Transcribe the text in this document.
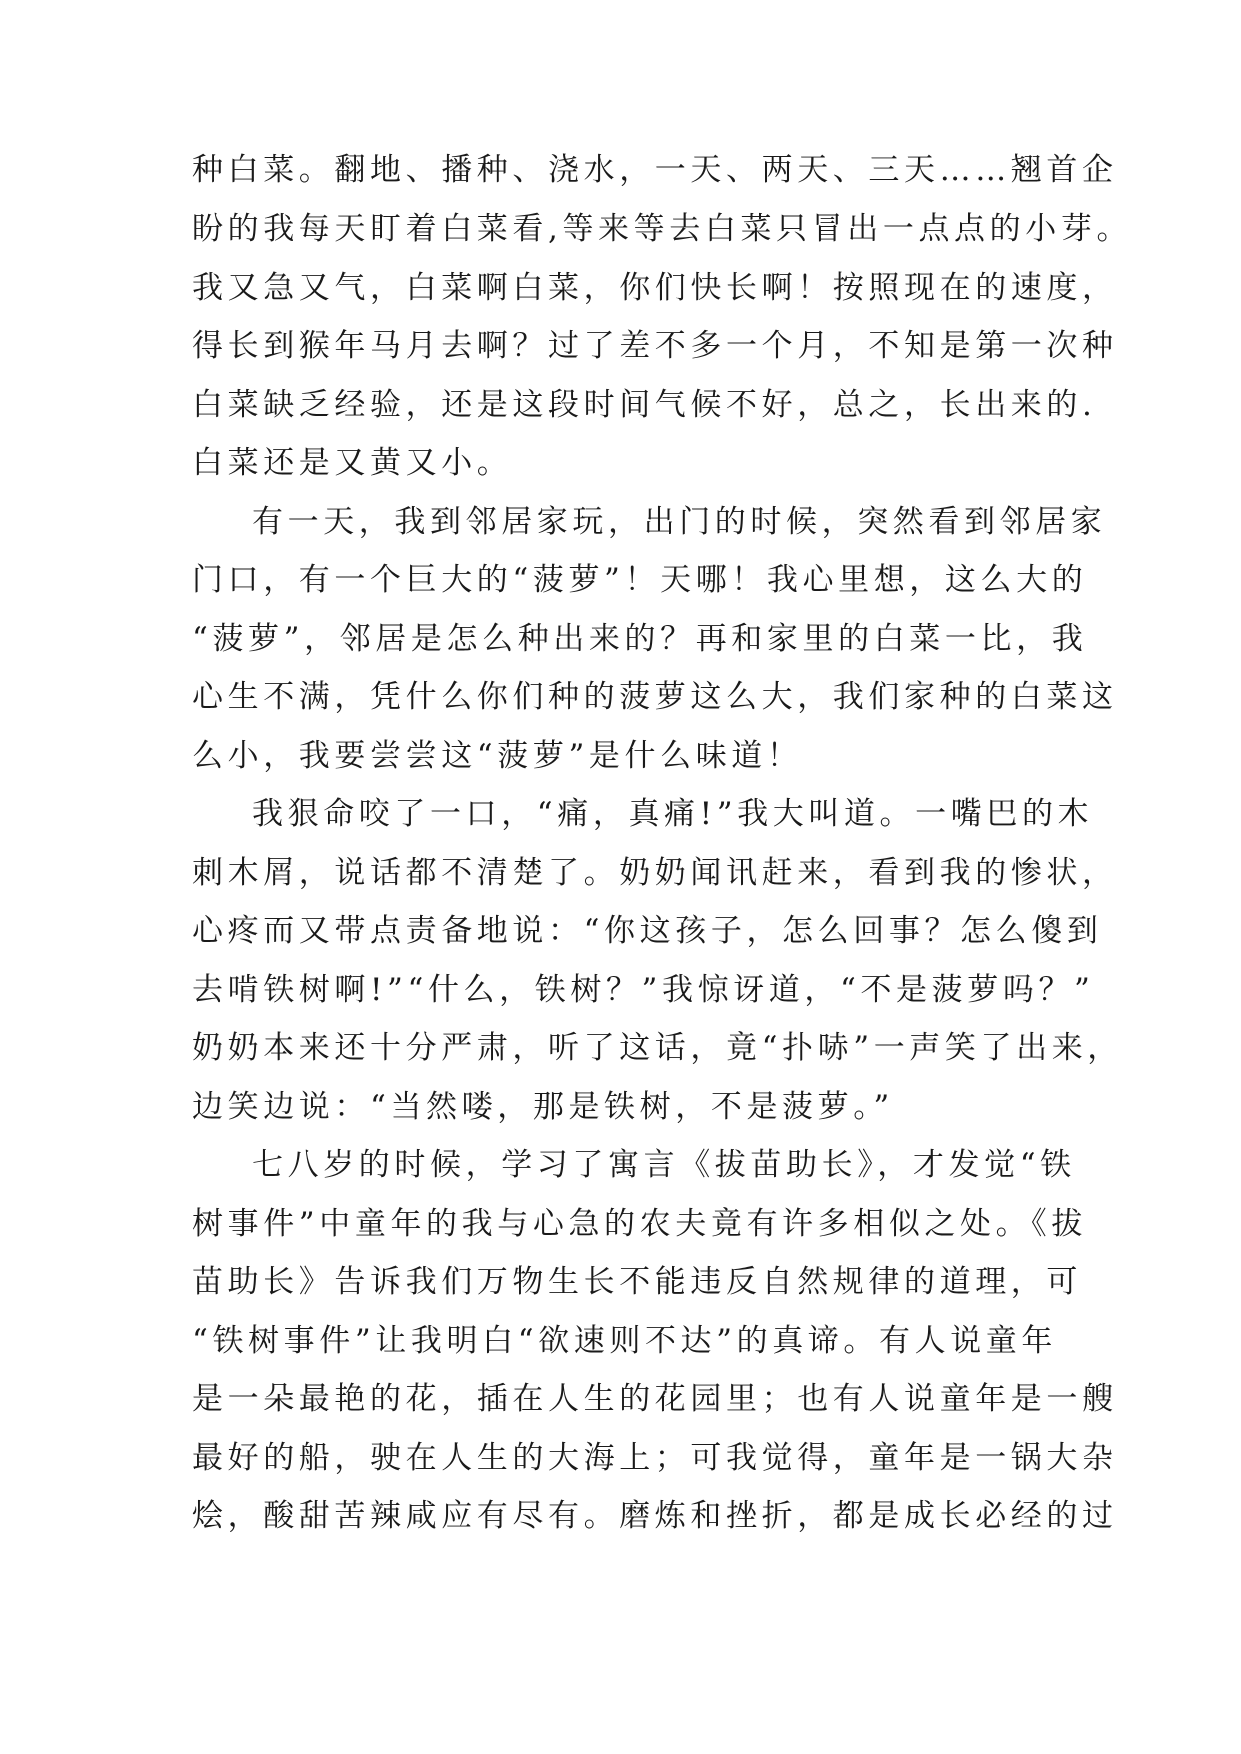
种白菜。翻地、播种、浇水，一天、两天、三天……翘首企
盼的我每天盯着白菜看,等来等去白菜只冒出一点点的小芽。
我又急又气，白菜啊白菜，你们快长啊！按照现在的速度，
得长到猴年马月去啊？过了差不多一个月，不知是第一次种
白菜缺乏经验，还是这段时间气候不好，总之，长出来的.
白菜还是又黄又小。
有一天，我到邻居家玩，出门的时候，突然看到邻居家
门口，有一个巨大的“菠萝”！天哪！我心里想，这么大的
“菠萝”，邻居是怎么种出来的？再和家里的白菜一比，我
心生不满，凭什么你们种的菠萝这么大，我们家种的白菜这
么小，我要尝尝这“菠萝”是什么味道！
我狠命咬了一口，“痛，真痛!”我大叫道。一嘴巴的木
刺木屑，说话都不清楚了。奶奶闻讯赶来，看到我的惨状，
心疼而又带点责备地说：“你这孩子，怎么回事？怎么傻到
去啃铁树啊!”“什么，铁树？”我惊讶道，“不是菠萝吗？”
奶奶本来还十分严肃，听了这话，竟“扑哧”一声笑了出来，
边笑边说：“当然喽，那是铁树，不是菠萝。”
七八岁的时候，学习了寓言《拔苗助长》，才发觉“铁
树事件”中童年的我与心急的农夫竟有许多相似之处。《拔
苗助长》告诉我们万物生长不能违反自然规律的道理，可
“铁树事件”让我明白“欲速则不达”的真谛。有人说童年
是一朵最艳的花，插在人生的花园里；也有人说童年是一艘
最好的船，驶在人生的大海上；可我觉得，童年是一锅大杂
烩，酸甜苦辣咸应有尽有。磨炼和挫折，都是成长必经的过
